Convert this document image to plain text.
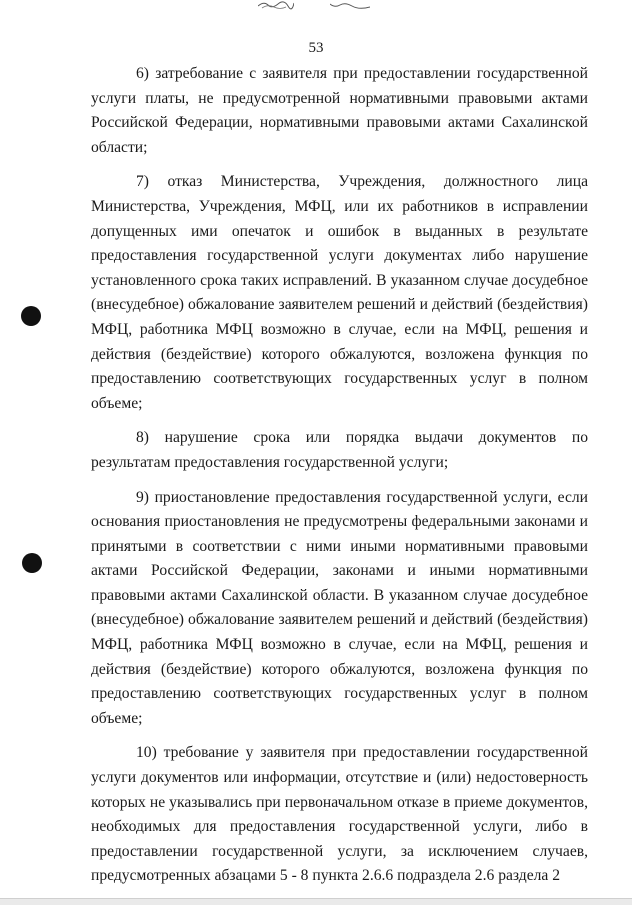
53

6) затребование с заявителя при предоставлении государственной услуги платы, не предусмотренной нормативными правовыми актами Российской Федерации, нормативными правовыми актами Сахалинской области;

7) отказ Министерства, Учреждения, должностного лица Министерства, Учреждения, МФЦ, или их работников в исправлении допущенных ими опечаток и ошибок в выданных в результате предоставления государственной услуги документах либо нарушение установленного срока таких исправлений. В указанном случае досудебное (внесудебное) обжалование заявителем решений и действий (бездействия) МФЦ, работника МФЦ возможно в случае, если на МФЦ, решения и действия (бездействие) которого обжалуются, возложена функция по предоставлению соответствующих государственных услуг в полном объеме;

8) нарушение срока или порядка выдачи документов по результатам предоставления государственной услуги;

9) приостановление предоставления государственной услуги, если основания приостановления не предусмотрены федеральными законами и принятыми в соответствии с ними иными нормативными правовыми актами Российской Федерации, законами и иными нормативными правовыми актами Сахалинской области. В указанном случае досудебное (внесудебное) обжалование заявителем решений и действий (бездействия) МФЦ, работника МФЦ возможно в случае, если на МФЦ, решения и действия (бездействие) которого обжалуются, возложена функция по предоставлению соответствующих государственных услуг в полном объеме;

10) требование у заявителя при предоставлении государственной услуги документов или информации, отсутствие и (или) недостоверность которых не указывались при первоначальном отказе в приеме документов, необходимых для предоставления государственной услуги, либо в предоставлении государственной услуги, за исключением случаев, предусмотренных абзацами 5 - 8 пункта 2.6.6 подраздела 2.6 раздела 2
